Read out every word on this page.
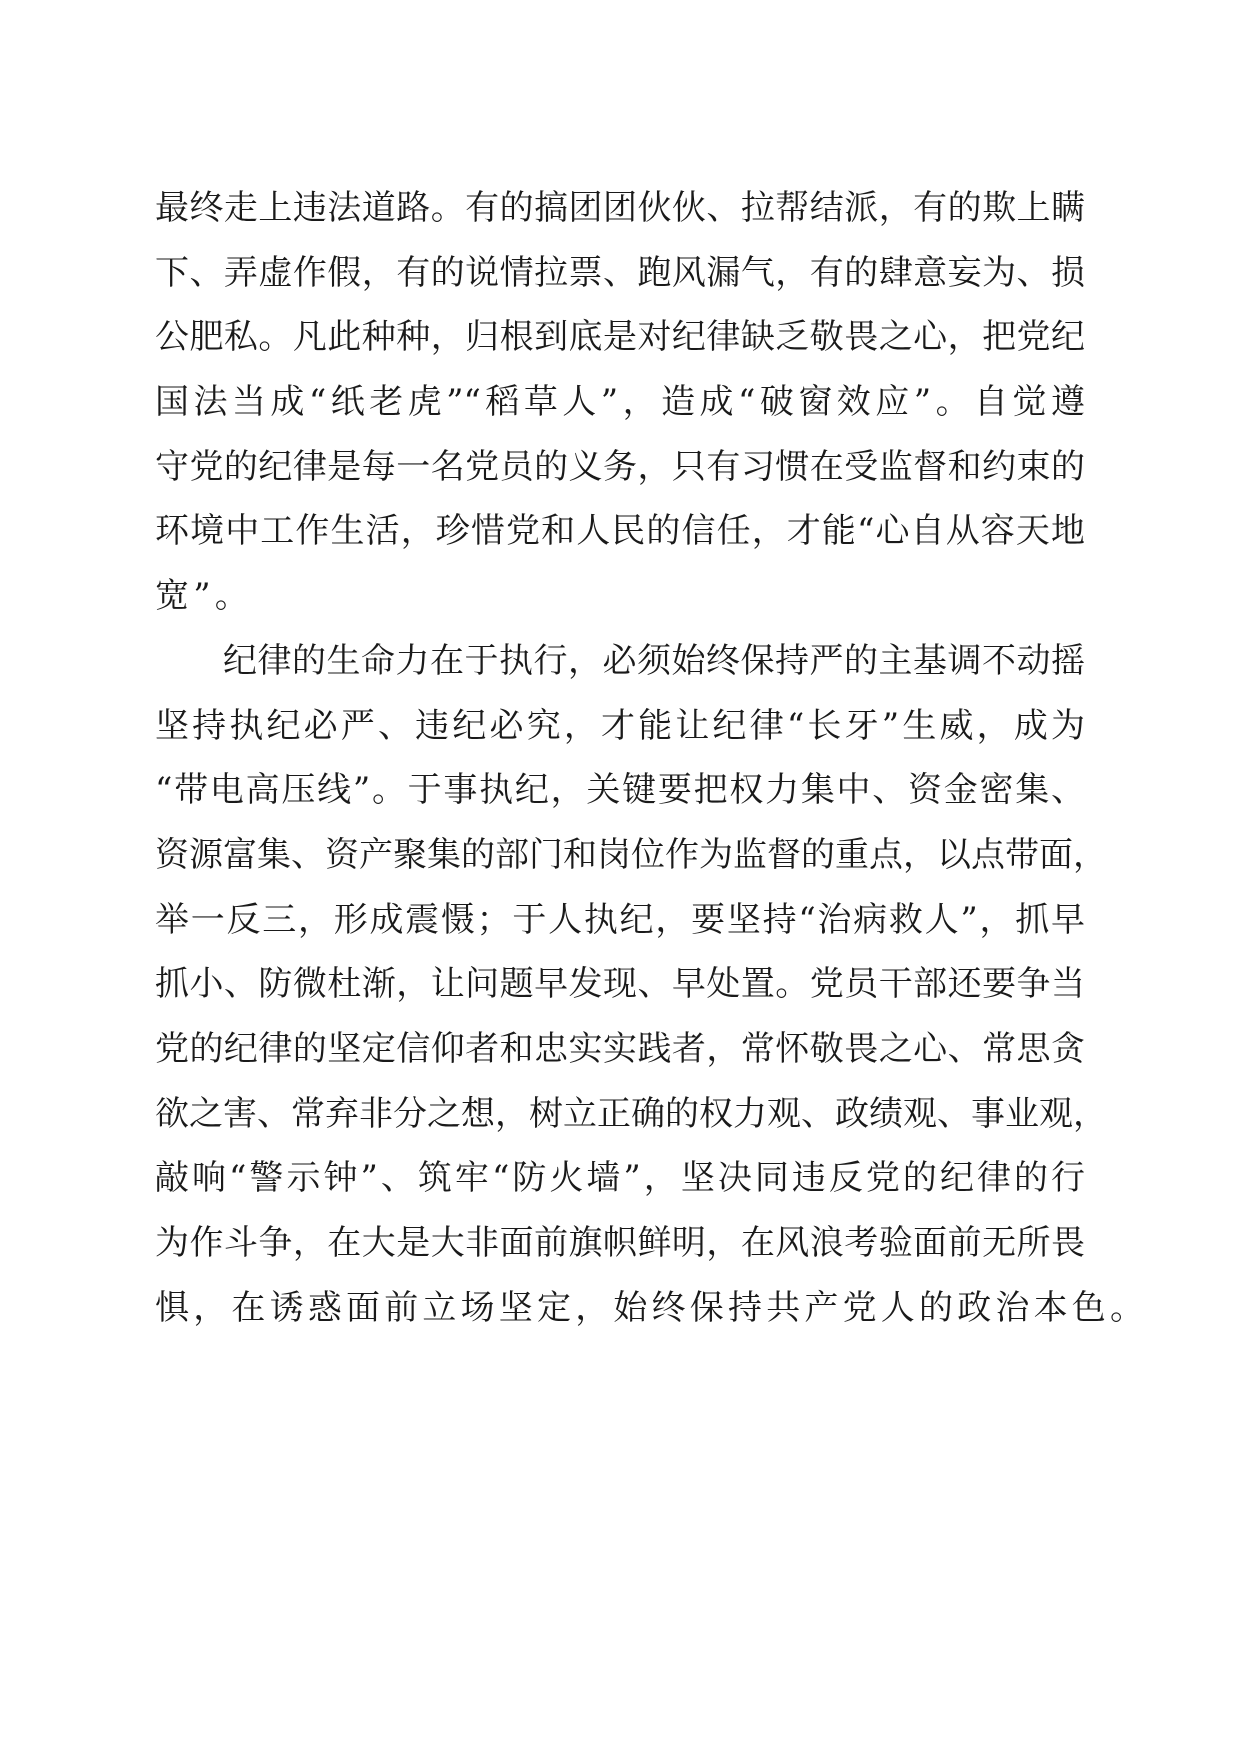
最终走上违法道路。有的搞团团伙伙、拉帮结派，有的欺上瞒
下、弄虚作假，有的说情拉票、跑风漏气，有的肆意妄为、损
公肥私。凡此种种，归根到底是对纪律缺乏敬畏之心，把党纪
国法当成“纸老虎”“稻草人”，造成“破窗效应”。自觉遵
守党的纪律是每一名党员的义务，只有习惯在受监督和约束的
环境中工作生活，珍惜党和人民的信任，才能“心自从容天地
宽”。
纪律的生命力在于执行，必须始终保持严的主基调不动摇
坚持执纪必严、违纪必究，才能让纪律“长牙”生威，成为
“带电高压线”。于事执纪，关键要把权力集中、资金密集、
资源富集、资产聚集的部门和岗位作为监督的重点，以点带面，
举一反三，形成震慑；于人执纪，要坚持“治病救人”，抓早
抓小、防微杜渐，让问题早发现、早处置。党员干部还要争当
党的纪律的坚定信仰者和忠实实践者，常怀敬畏之心、常思贪
欲之害、常弃非分之想，树立正确的权力观、政绩观、事业观，
敲响“警示钟”、筑牢“防火墙”，坚决同违反党的纪律的行
为作斗争，在大是大非面前旗帜鲜明，在风浪考验面前无所畏
惧，在诱惑面前立场坚定，始终保持共产党人的政治本色。
